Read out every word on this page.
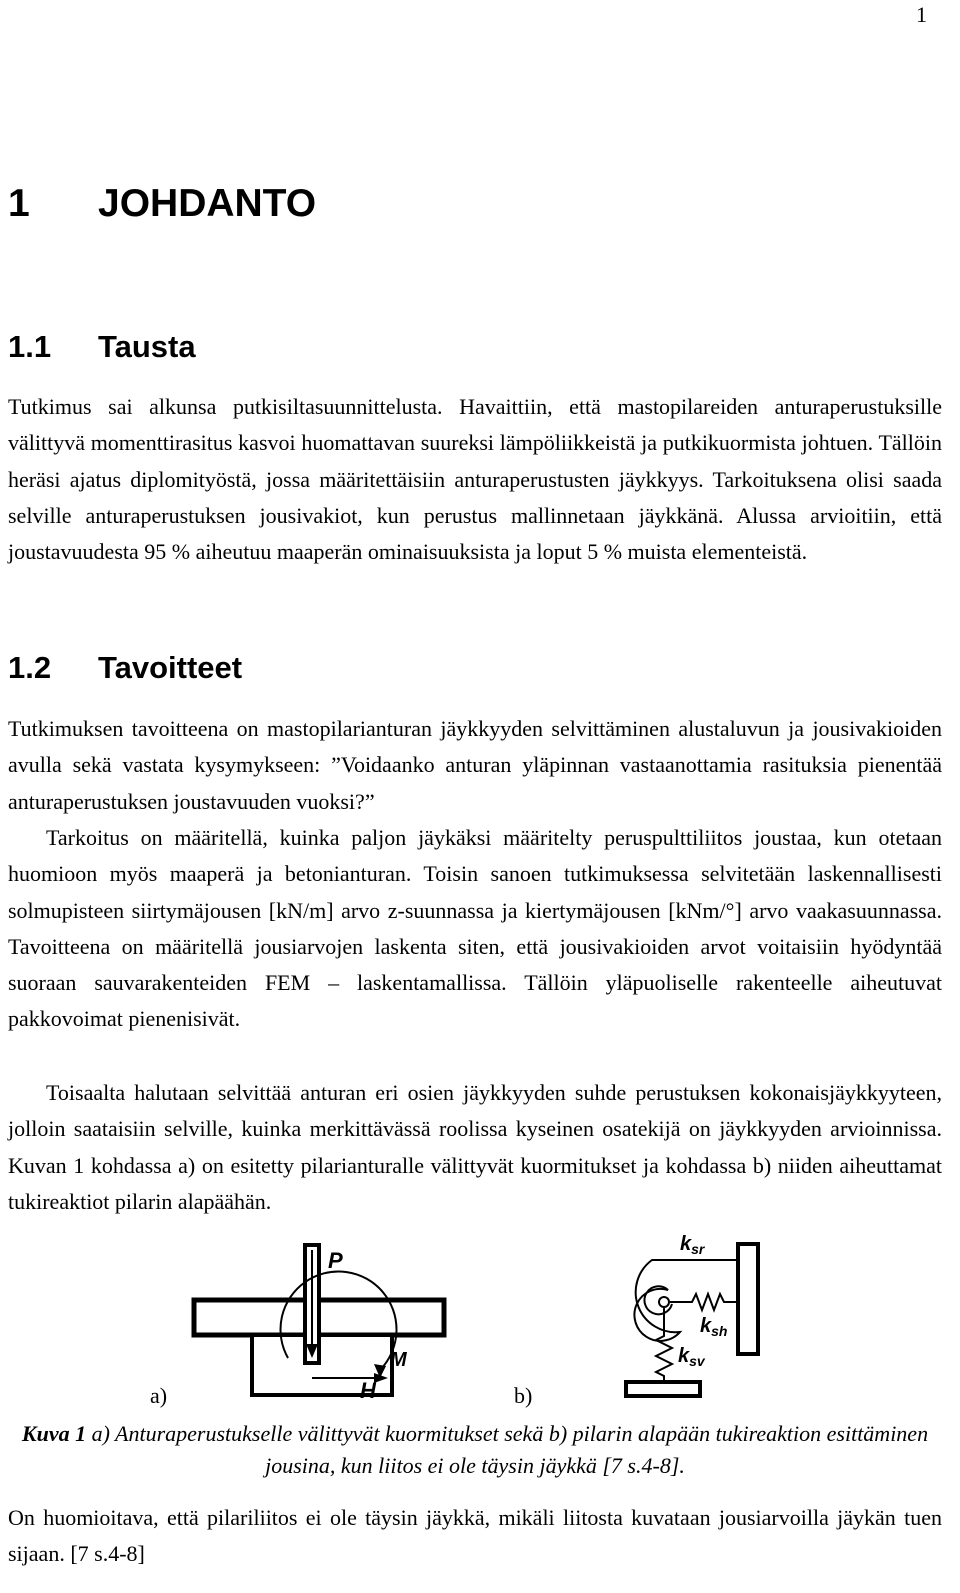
1
1 JOHDANTO
1.1 Tausta

Tutkimus sai alkunsa putkisiltasuunnittelusta. Havaittiin, että mastopilareiden anturaperustuksille välittyvä momenttirasitus kasvoi huomattavan suureksi lämpöliikkeistä ja putkikuormista johtuen. Tällöin heräsi ajatus diplomityöstä, jossa määritettäisiin anturaperustusten jäykkyys. Tarkoituksena olisi saada selville anturaperustuksen jousivakiot, kun perustus mallinnetaan jäykkänä. Alussa arvioitiin, että joustavuudesta 95 % aiheutuu maaperän ominaisuuksista ja loput 5 % muista elementeistä.

1.2 Tavoitteet

Tutkimuksen tavoitteena on mastopilarianturan jäykkyyden selvittäminen alustaluvun ja jousivakioiden avulla sekä vastata kysymykseen: ”Voidaanko anturan yläpinnan vastaanottamia rasituksia pienentää anturaperustuksen joustavuuden vuoksi?”

Tarkoitus on määritellä, kuinka paljon jäykäksi määritelty peruspulttiliitos joustaa, kun otetaan huomioon myös maaperä ja betonianturan. Toisin sanoen tutkimuksessa selvitetään laskennallisesti solmupisteen siirtymäjousen [kN/m] arvo z-suunnassa ja kiertymäjousen [kNm/°] arvo vaakasuunnassa. Tavoitteena on määritellä jousiarvojen laskenta siten, että jousivakioiden arvot voitaisiin hyödyntää suoraan sauvarakenteiden FEM – laskentamallissa. Tällöin yläpuoliselle rakenteelle aiheutuvat pakkovoimat pienenisivät.

Toisaalta halutaan selvittää anturan eri osien jäykkyyden suhde perustuksen kokonaisjäykkyyteen, jolloin saataisiin selville, kuinka merkittävässä roolissa kyseinen osatekijä on jäykkyyden arvioinnissa. Kuvan 1 kohdassa a) on esitetty pilarianturalle välittyvät kuormitukset ja kohdassa b) niiden aiheuttamat tukireaktiot pilarin alapäähän.

P
M
H
$k_{sr}$
$k_{sh}$
$k_{sv}$
a)	b)

Kuva 1 a) Anturaperustukselle välittyvät kuormitukset sekä b) pilarin alapään tukireaktion esittäminen jousina, kun liitos ei ole täysin jäykkä [7 s.4-8].

On huomioitava, että pilariliitos ei ole täysin jäykkä, mikäli liitosta kuvataan jousiarvoilla jäykän tuen sijaan. [7 s.4-8]
